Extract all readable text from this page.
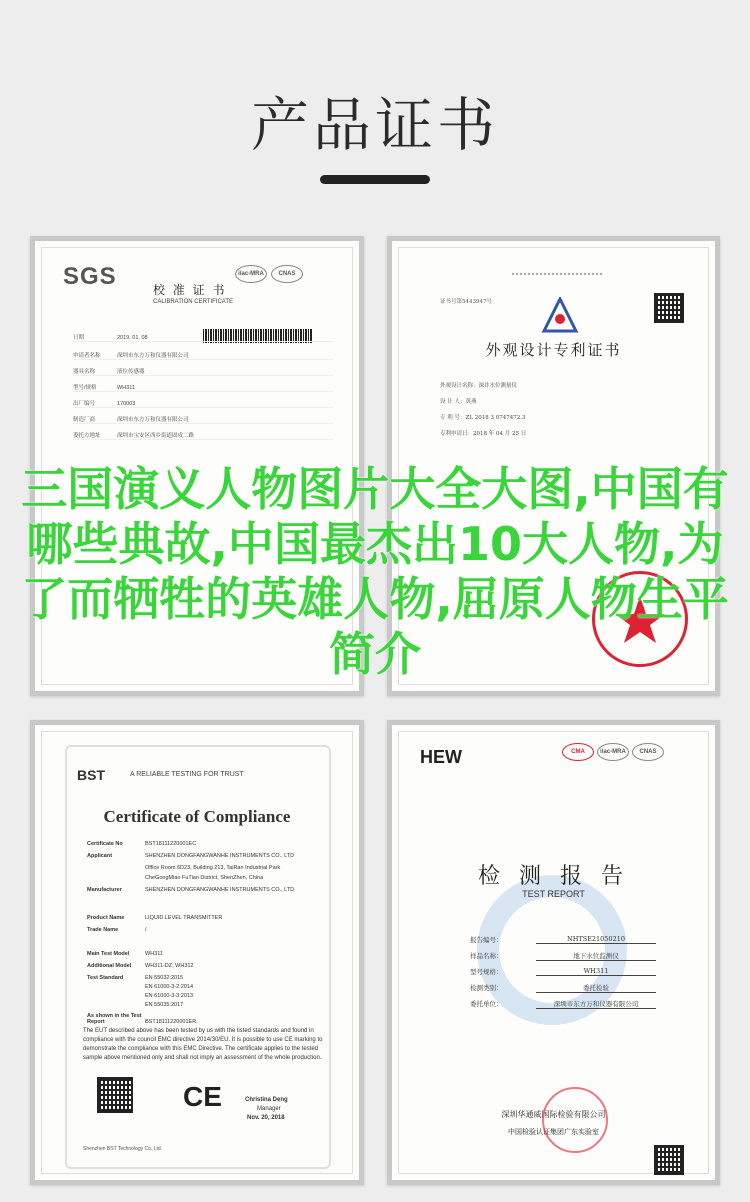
产品证书
SGS	ilac-MRA	CNAS
校 准 证 书
CALIBRATION CERTIFICATE
日期	2019. 01. 08
申请者名称	深圳市东方万和仪器有限公司
器具名称	液位传感器
型号/规格	WH311
出厂编号	170003
制造厂商	深圳市东方万和仪器有限公司
委托方地址	深圳市宝安区西乡街道固戍二路
证书号第5443947号
外观设计专利证书
外观设计名称：深井水位测量仪
设 计 人：黄燕
专 利 号：ZL 2018 3 0747472.3
专利申请日：2018 年 04 月 25 日
BST	A RELIABLE TESTING FOR TRUST
Certificate of Compliance
Certificate No	BST18111220001EC
Applicant	SHENZHEN DONGFANGWANHE INSTRUMENTS CO., LTD
Office Room 6D23, Building 213, TaiRan Industrial Park
CheGongMiao FuTian District, ShenZhen, China
Manufacturer	SHENZHEN DONGFANGWANHE INSTRUMENTS CO., LTD
Product Name	LIQUID LEVEL TRANSMITTER
Trade Name	/
Main Test Model	WH311
Additional Model WH311-DZ, WH312
Test Standard	EN 55032:2015
EN 61000-3-2:2014
EN 61000-3-3:2013
EN 55035:2017
As shown in the Test Report	BST18111220001ER.
The EUT described above has been tested by us with the listed standards and found in compliance with the council EMC directive 2014/30/EU. It is possible to use CE marking to demonstrate the compliance with this EMC Directive. The certificate applies to the tested sample above mentioned only and shall not imply an assessment of the whole production.
CE	Christina Deng
Manager
Nov. 20, 2018
Shenzhen BST Technology Co.,Ltd.
HEW	CMA	ilac-MRA	CNAS
检 测 报 告
TEST REPORT
报告编号：	NHTSE21050210
样品名称：	地下水位监测仪
型号规格：	WH311
检测类别：	委托检验
委托单位：	深圳市东方万和仪器有限公司
深圳华通威国际检验有限公司
中国检验认证集团广东实验室
三国演义人物图片大全大图,中国有哪些典故,中国最杰出10大人物,为了而牺牲的英雄人物,屈原人物生平简介
